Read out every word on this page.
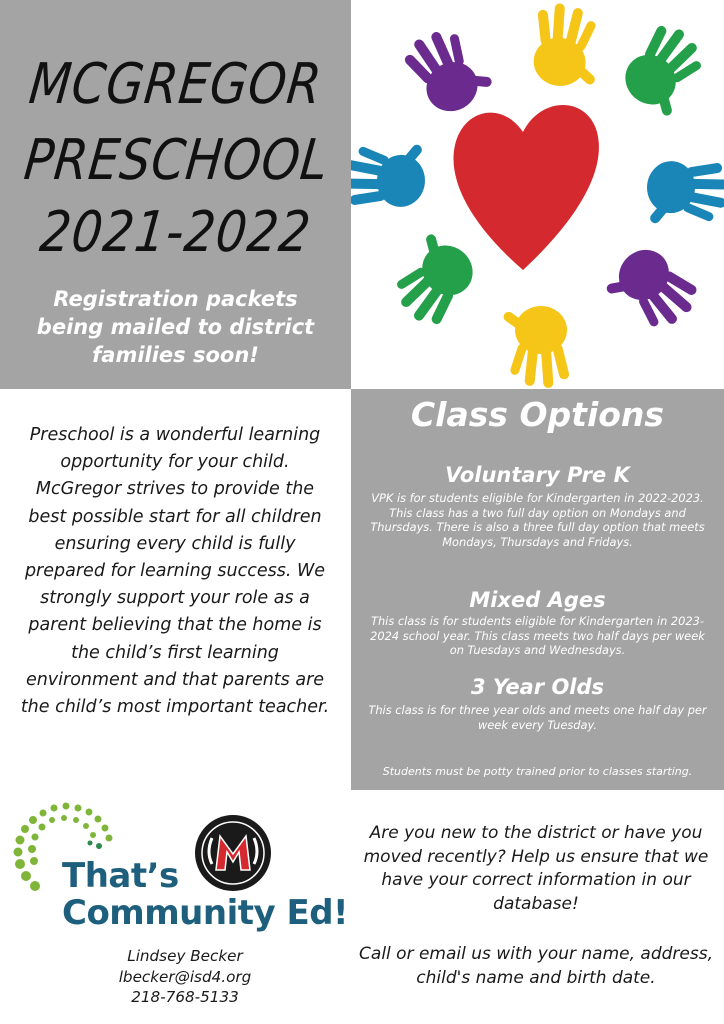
MCGREGOR
PRESCHOOL
2021-2022
Registration packets being mailed to district families soon!
Preschool is a wonderful learning opportunity for your child. McGregor strives to provide the best possible start for all children ensuring every child is fully prepared for learning success. We strongly support your role as a parent believing that the home is the child’s first learning environment and that parents are the child’s most important teacher.
Class Options
Voluntary Pre K
VPK is for students eligible for Kindergarten in 2022-2023. This class has a two full day option on Mondays and Thursdays. There is also a three full day option that meets Mondays, Thursdays and Fridays.
Mixed Ages
This class is for students eligible for Kindergarten in 2023-2024 school year. This class meets two half days per week on Tuesdays and Wednesdays.
3 Year Olds
This class is for three year olds and meets one half day per week every Tuesday.
Students must be potty trained prior to classes starting.
That’s
Community Ed!
Lindsey Becker
lbecker@isd4.org
218-768-5133
Are you new to the district or have you moved recently? Help us ensure that we have your correct information in our database!
Call or email us with your name, address, child's name and birth date.
